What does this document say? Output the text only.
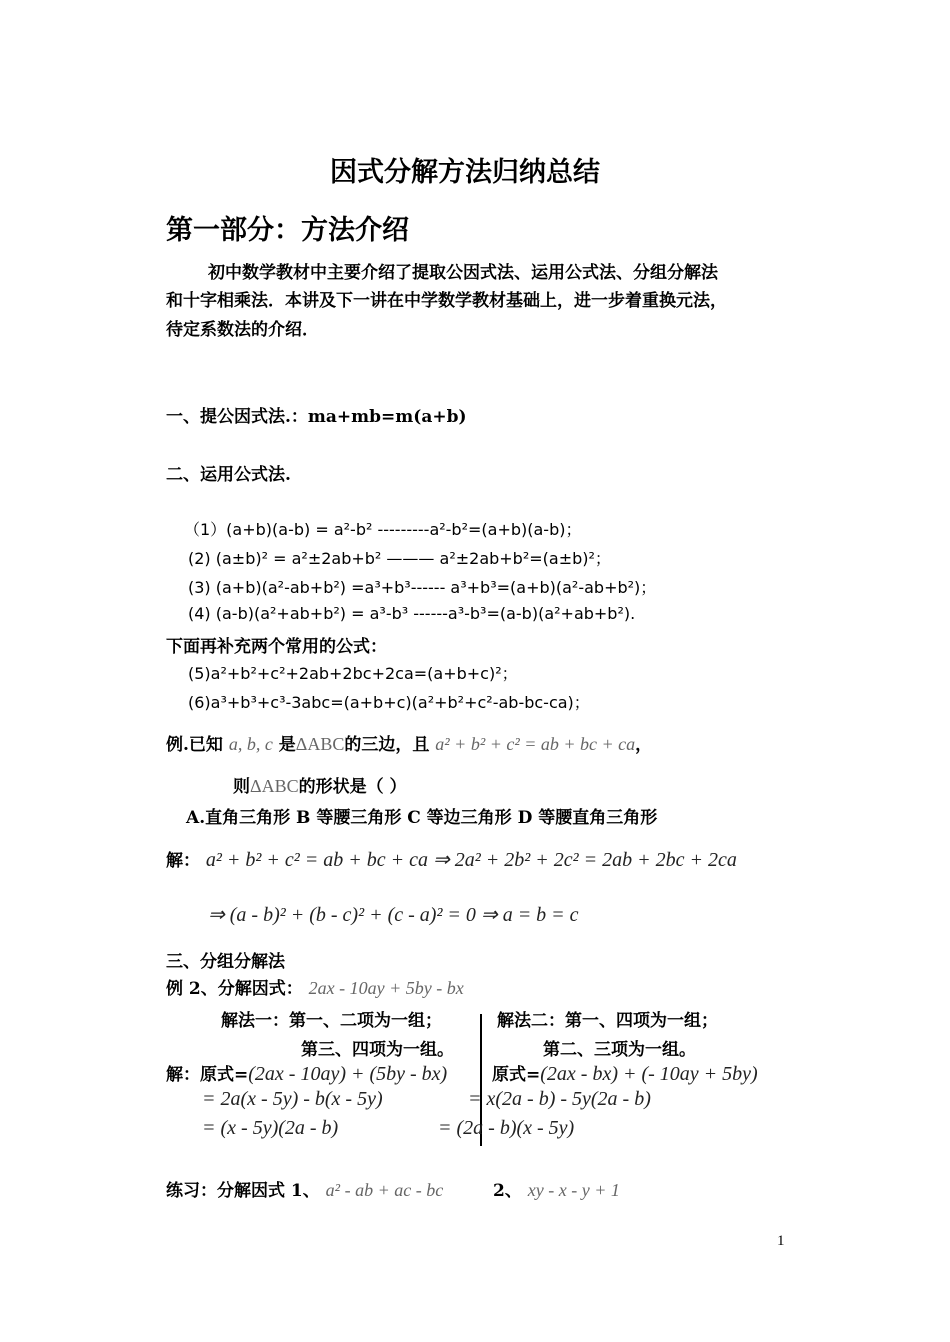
因式分解方法归纳总结
第一部分：方法介绍
初中数学教材中主要介绍了提取公因式法、运用公式法、分组分解法
和十字相乘法．本讲及下一讲在中学数学教材基础上，进一步着重换元法，
待定系数法的介绍．
一、提公因式法.：ma+mb=m(a+b)
二、运用公式法.
（1）(a+b)(a-b) = a²-b² ---------a²-b²=(a+b)(a-b)；
(2) (a±b)² = a²±2ab+b² ——— a²±2ab+b²=(a±b)²；
(3) (a+b)(a²-ab+b²) =a³+b³------ a³+b³=(a+b)(a²-ab+b²)；
(4) (a-b)(a²+ab+b²) = a³-b³ ------a³-b³=(a-b)(a²+ab+b²).
下面再补充两个常用的公式：
(5)a²+b²+c²+2ab+2bc+2ca=(a+b+c)²；
(6)a³+b³+c³-3abc=(a+b+c)(a²+b²+c²-ab-bc-ca)；
例.已知 a, b, c 是ΔABC的三边，且 a² + b² + c² = ab + bc + ca，
则ΔABC的形状是（ ）
A.直角三角形 B 等腰三角形 C 等边三角形 D 等腰直角三角形
解： a² + b² + c² = ab + bc + ca ⇒ 2a² + 2b² + 2c² = 2ab + 2bc + 2ca
⇒ (a - b)² + (b - c)² + (c - a)² = 0 ⇒ a = b = c
三、分组分解法
例 2、分解因式： 2ax - 10ay + 5by - bx
解法一：第一、二项为一组；
第三、四项为一组。
解法二：第一、四项为一组；
第二、三项为一组。
解：原式=(2ax - 10ay) + (5by - bx)
= 2a(x - 5y) - b(x - 5y)
= (x - 5y)(2a - b)
原式=(2ax - bx) + (- 10ay + 5by)
= x(2a - b) - 5y(2a - b)
= (2a - b)(x - 5y)
练习：分解因式 1、 a² - ab + ac - bc	2、 xy - x - y + 1
1
